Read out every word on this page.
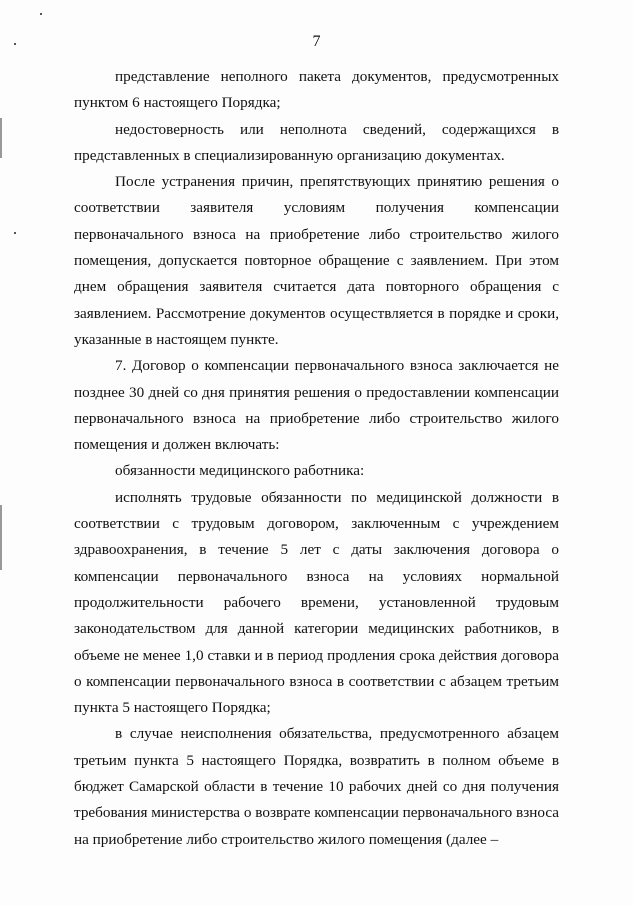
7

представление неполного пакета документов, предусмотренных пунктом 6 настоящего Порядка;

недостоверность или неполнота сведений, содержащихся в представленных в специализированную организацию документах.

После устранения причин, препятствующих принятию решения о соответствии заявителя условиям получения компенсации первоначального взноса на приобретение либо строительство жилого помещения, допускается повторное обращение с заявлением. При этом днем обращения заявителя считается дата повторного обращения с заявлением. Рассмотрение документов осуществляется в порядке и сроки, указанные в настоящем пункте.

7. Договор о компенсации первоначального взноса заключается не позднее 30 дней со дня принятия решения о предоставлении компенсации первоначального взноса на приобретение либо строительство жилого помещения и должен включать:

обязанности медицинского работника:

исполнять трудовые обязанности по медицинской должности в соответствии с трудовым договором, заключенным с учреждением здравоохранения, в течение 5 лет с даты заключения договора о компенсации первоначального взноса на условиях нормальной продолжительности рабочего времени, установленной трудовым законодательством для данной категории медицинских работников, в объеме не менее 1,0 ставки и в период продления срока действия договора о компенсации первоначального взноса в соответствии с абзацем третьим пункта 5 настоящего Порядка;

в случае неисполнения обязательства, предусмотренного абзацем третьим пункта 5 настоящего Порядка, возвратить в полном объеме в бюджет Самарской области в течение 10 рабочих дней со дня получения требования министерства о возврате компенсации первоначального взноса на приобретение либо строительство жилого помещения (далее –
